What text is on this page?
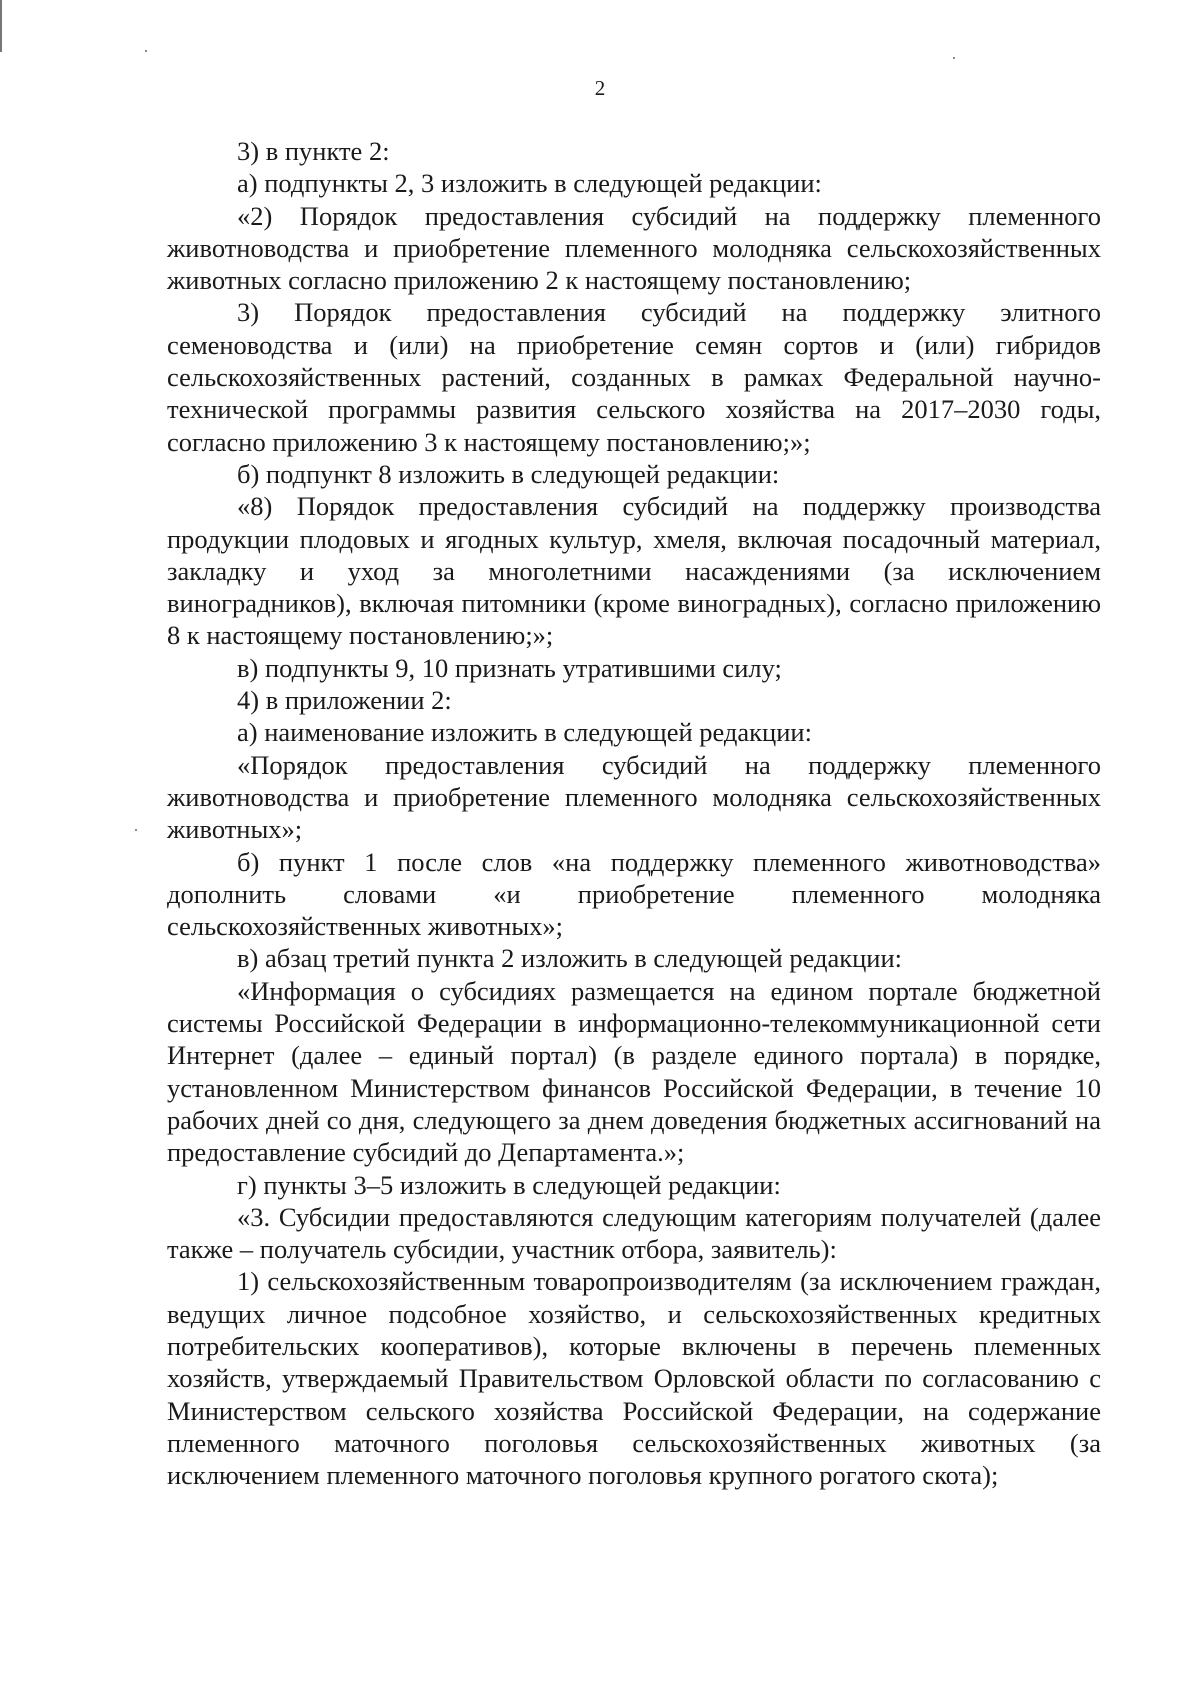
2

3) в пункте 2:

а) подпункты 2, 3 изложить в следующей редакции:

«2) Порядок предоставления субсидий на поддержку племенного животноводства и приобретение племенного молодняка сельскохозяйственных животных согласно приложению 2 к настоящему постановлению;

3) Порядок предоставления субсидий на поддержку элитного семеноводства и (или) на приобретение семян сортов и (или) гибридов сельскохозяйственных растений, созданных в рамках Федеральной научно-технической программы развития сельского хозяйства на 2017–2030 годы, согласно приложению 3 к настоящему постановлению;»;

б) подпункт 8 изложить в следующей редакции:

«8) Порядок предоставления субсидий на поддержку производства продукции плодовых и ягодных культур, хмеля, включая посадочный материал, закладку и уход за многолетними насаждениями (за исключением виноградников), включая питомники (кроме виноградных), согласно приложению 8 к настоящему постановлению;»;

в) подпункты 9, 10 признать утратившими силу;

4) в приложении 2:

а) наименование изложить в следующей редакции:

«Порядок предоставления субсидий на поддержку племенного животноводства и приобретение племенного молодняка сельскохозяйственных животных»;

б) пункт 1 после слов «на поддержку племенного животноводства» дополнить словами «и приобретение племенного молодняка сельскохозяйственных животных»;

в) абзац третий пункта 2 изложить в следующей редакции:

«Информация о субсидиях размещается на едином портале бюджетной системы Российской Федерации в информационно-телекоммуникационной сети Интернет (далее – единый портал) (в разделе единого портала) в порядке, установленном Министерством финансов Российской Федерации, в течение 10 рабочих дней со дня, следующего за днем доведения бюджетных ассигнований на предоставление субсидий до Департамента.»;

г) пункты 3–5 изложить в следующей редакции:

«3. Субсидии предоставляются следующим категориям получателей (далее также – получатель субсидии, участник отбора, заявитель):

1) сельскохозяйственным товаропроизводителям (за исключением граждан, ведущих личное подсобное хозяйство, и сельскохозяйственных кредитных потребительских кооперативов), которые включены в перечень племенных хозяйств, утверждаемый Правительством Орловской области по согласованию с Министерством сельского хозяйства Российской Федерации, на содержание племенного маточного поголовья сельскохозяйственных животных (за исключением племенного маточного поголовья крупного рогатого скота);
